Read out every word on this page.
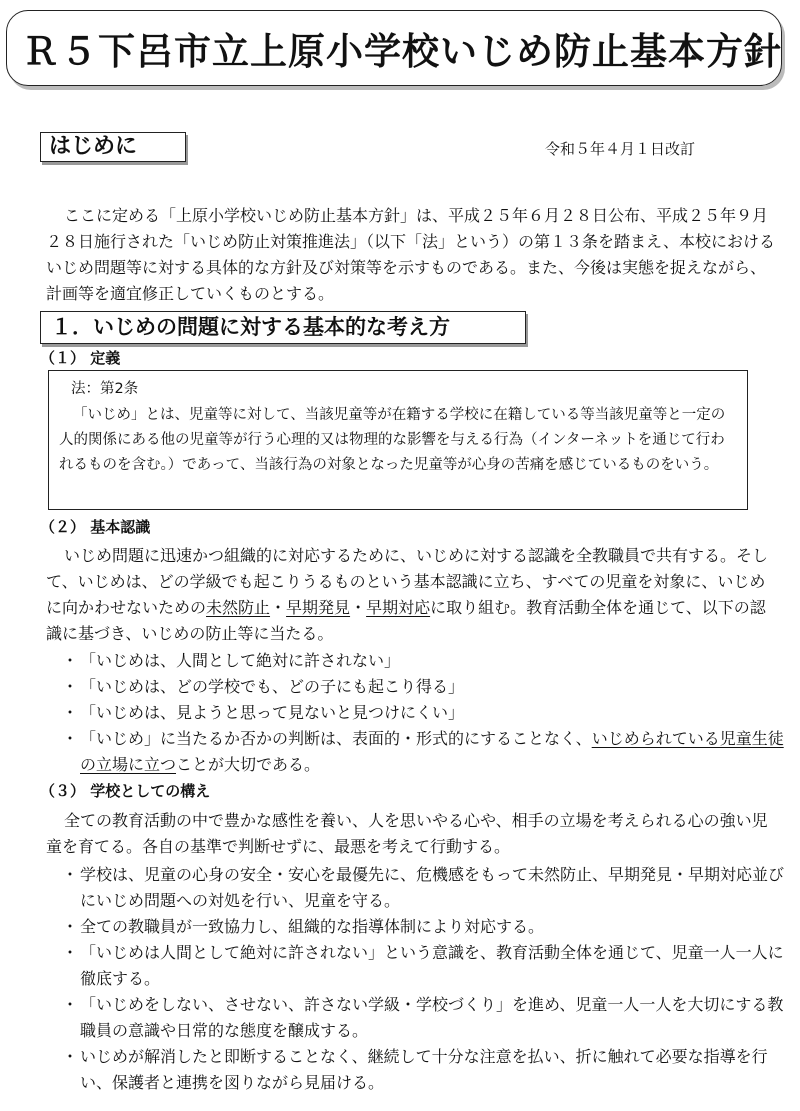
Ｒ５下呂市立上原小学校いじめ防止基本方針
はじめに	令和５年４月１日改訂
ここに定める「上原小学校いじめ防止基本方針」は、平成２５年６月２８日公布、平成２５年９月２８日施行された「いじめ防止対策推進法」（以下「法」という）の第１３条を踏まえ、本校におけるいじめ問題等に対する具体的な方針及び対策等を示すものである。また、今後は実態を捉えながら、計画等を適宜修正していくものとする。
１．いじめの問題に対する基本的な考え方
（１） 定義
法：第2条
「いじめ」とは、児童等に対して、当該児童等が在籍する学校に在籍している等当該児童等と一定の人的関係にある他の児童等が行う心理的又は物理的な影響を与える行為（インターネットを通じて行われるものを含む。）であって、当該行為の対象となった児童等が心身の苦痛を感じているものをいう。
（２） 基本認識
いじめ問題に迅速かつ組織的に対応するために、いじめに対する認識を全教職員で共有する。そして、いじめは、どの学級でも起こりうるものという基本認識に立ち、すべての児童を対象に、いじめに向かわせないための未然防止・早期発見・早期対応に取り組む。教育活動全体を通じて、以下の認識に基づき、いじめの防止等に当たる。
・ 「いじめは、人間として絶対に許されない」
・ 「いじめは、どの学校でも、どの子にも起こり得る」
・ 「いじめは、見ようと思って見ないと見つけにくい」
・ 「いじめ」に当たるか否かの判断は、表面的・形式的にすることなく、いじめられている児童生徒の立場に立つことが大切である。
（３） 学校としての構え
全ての教育活動の中で豊かな感性を養い、人を思いやる心や、相手の立場を考えられる心の強い児童を育てる。各自の基準で判断せずに、最悪を考えて行動する。
・ 学校は、児童の心身の安全・安心を最優先に、危機感をもって未然防止、早期発見・早期対応並びにいじめ問題への対処を行い、児童を守る。
・ 全ての教職員が一致協力し、組織的な指導体制により対応する。
・ 「いじめは人間として絶対に許されない」という意識を、教育活動全体を通じて、児童一人一人に徹底する。
・ 「いじめをしない、させない、許さない学級・学校づくり」を進め、児童一人一人を大切にする教職員の意識や日常的な態度を醸成する。
・ いじめが解消したと即断することなく、継続して十分な注意を払い、折に触れて必要な指導を行い、保護者と連携を図りながら見届ける。
